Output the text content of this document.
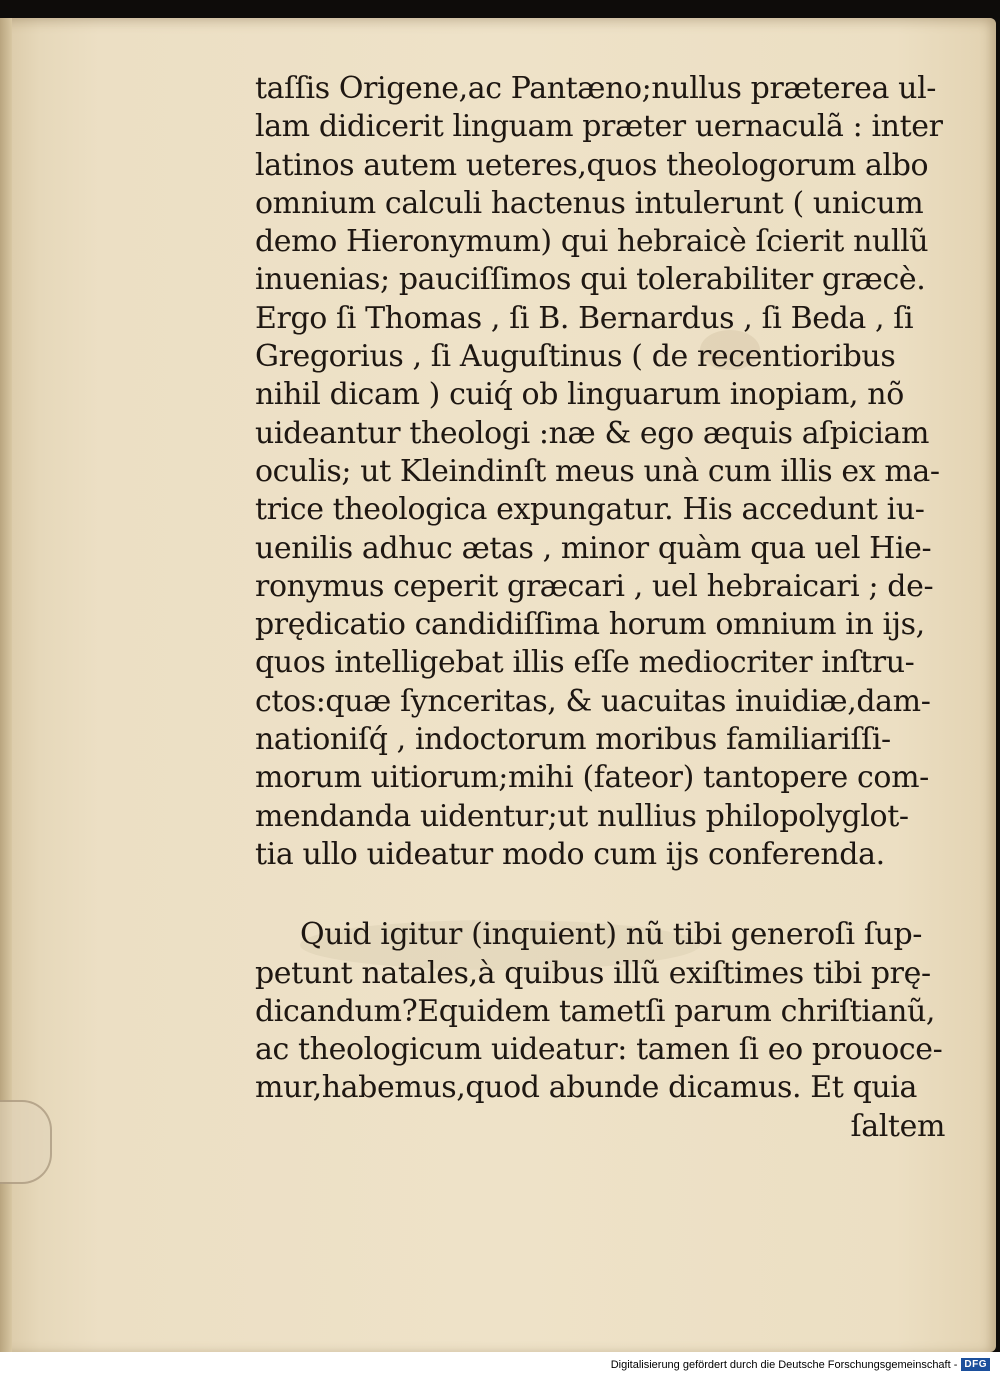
taſſis Origene,ac Pantæno;nullus præterea ul-
lam didicerit linguam præter uernaculã : inter
latinos autem ueteres,quos theologorum albo
omnium calculi hactenus intulerunt ( unicum
demo Hieronymum) qui hebraicè ſcierit nullũ
inuenias; pauciſſimos qui tolerabiliter græcè.
Ergo ſi Thomas , ſi B. Bernardus , ſi Beda , ſi
Gregorius , ſi Auguſtinus ( de recentioribus
nihil dicam ) cuiq́ ob linguarum inopiam, nõ
uideantur theologi :næ & ego æquis aſpiciam
oculis; ut Kleindinſt meus unà cum illis ex ma-
trice theologica expungatur. His accedunt iu-
uenilis adhuc ætas , minor quàm qua uel Hie-
ronymus ceperit græcari , uel hebraicari ; de-
prędicatio candidiſſima horum omnium in ijs,
quos intelligebat illis eſſe mediocriter inſtru-
ctos:quæ ſynceritas, & uacuitas inuidiæ,dam-
nationiſq́ , indoctorum moribus familiariſſi-
morum uitiorum;mihi (fateor) tantopere com-
mendanda uidentur;ut nullius philopolyglot-
tia ullo uideatur modo cum ijs conferenda.
Quid igitur (inquient) nũ tibi generoſi ſup-
petunt natales,à quibus illũ exiſtimes tibi prę-
dicandum?Equidem tametſi parum chriſtianũ,
ac theologicum uideatur: tamen ſi eo prouoce-
mur,habemus,quod abunde dicamus. Et quia
ſaltem
Digitalisierung gefördert durch die Deutsche Forschungsgemeinschaft - DFG
